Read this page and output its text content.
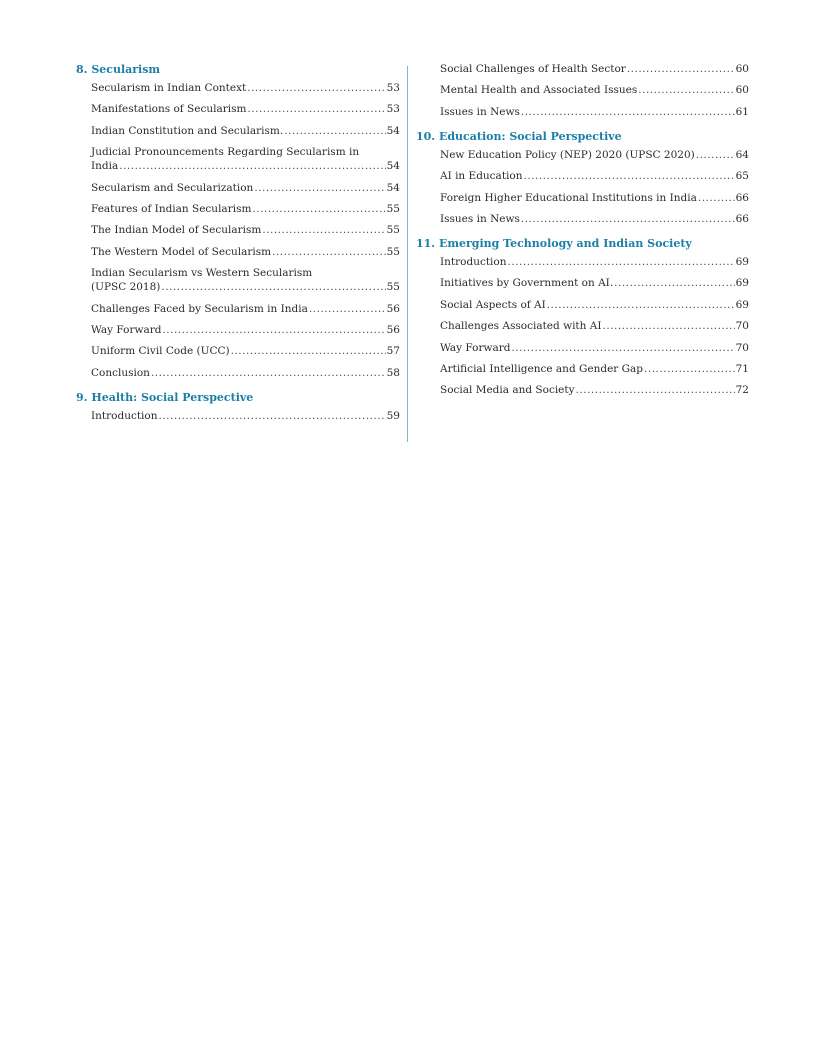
8. Secularism
Secularism in Indian Context .....	53
Manifestations of Secularism .....	53
Indian Constitution and Secularism. .....	54
Judicial Pronouncements Regarding Secularism in
India .....	54
Secularism and Secularization .....	54
Features of Indian Secularism .....	55
The Indian Model of Secularism .....	55
The Western Model of Secularism .....	55
Indian Secularism vs Western Secularism
(UPSC 2018) .....	55
Challenges Faced by Secularism in India .....	56
Way Forward .....	56
Uniform Civil Code (UCC) .....	57
Conclusion .....	58
9. Health: Social Perspective
Introduction .....	59
Social Challenges of Health Sector .....	60
Mental Health and Associated Issues .....	60
Issues in News .....	61
10. Education: Social Perspective
New Education Policy (NEP) 2020 (UPSC 2020) .....	64
AI in Education .....	65
Foreign Higher Educational Institutions in India .....	66
Issues in News .....	66
11. Emerging Technology and Indian Society
Introduction .....	69
Initiatives by Government on AI. .....	69
Social Aspects of AI .....	69
Challenges Associated with AI .....	70
Way Forward .....	70
Artificial Intelligence and Gender Gap .....	71
Social Media and Society .....	72
